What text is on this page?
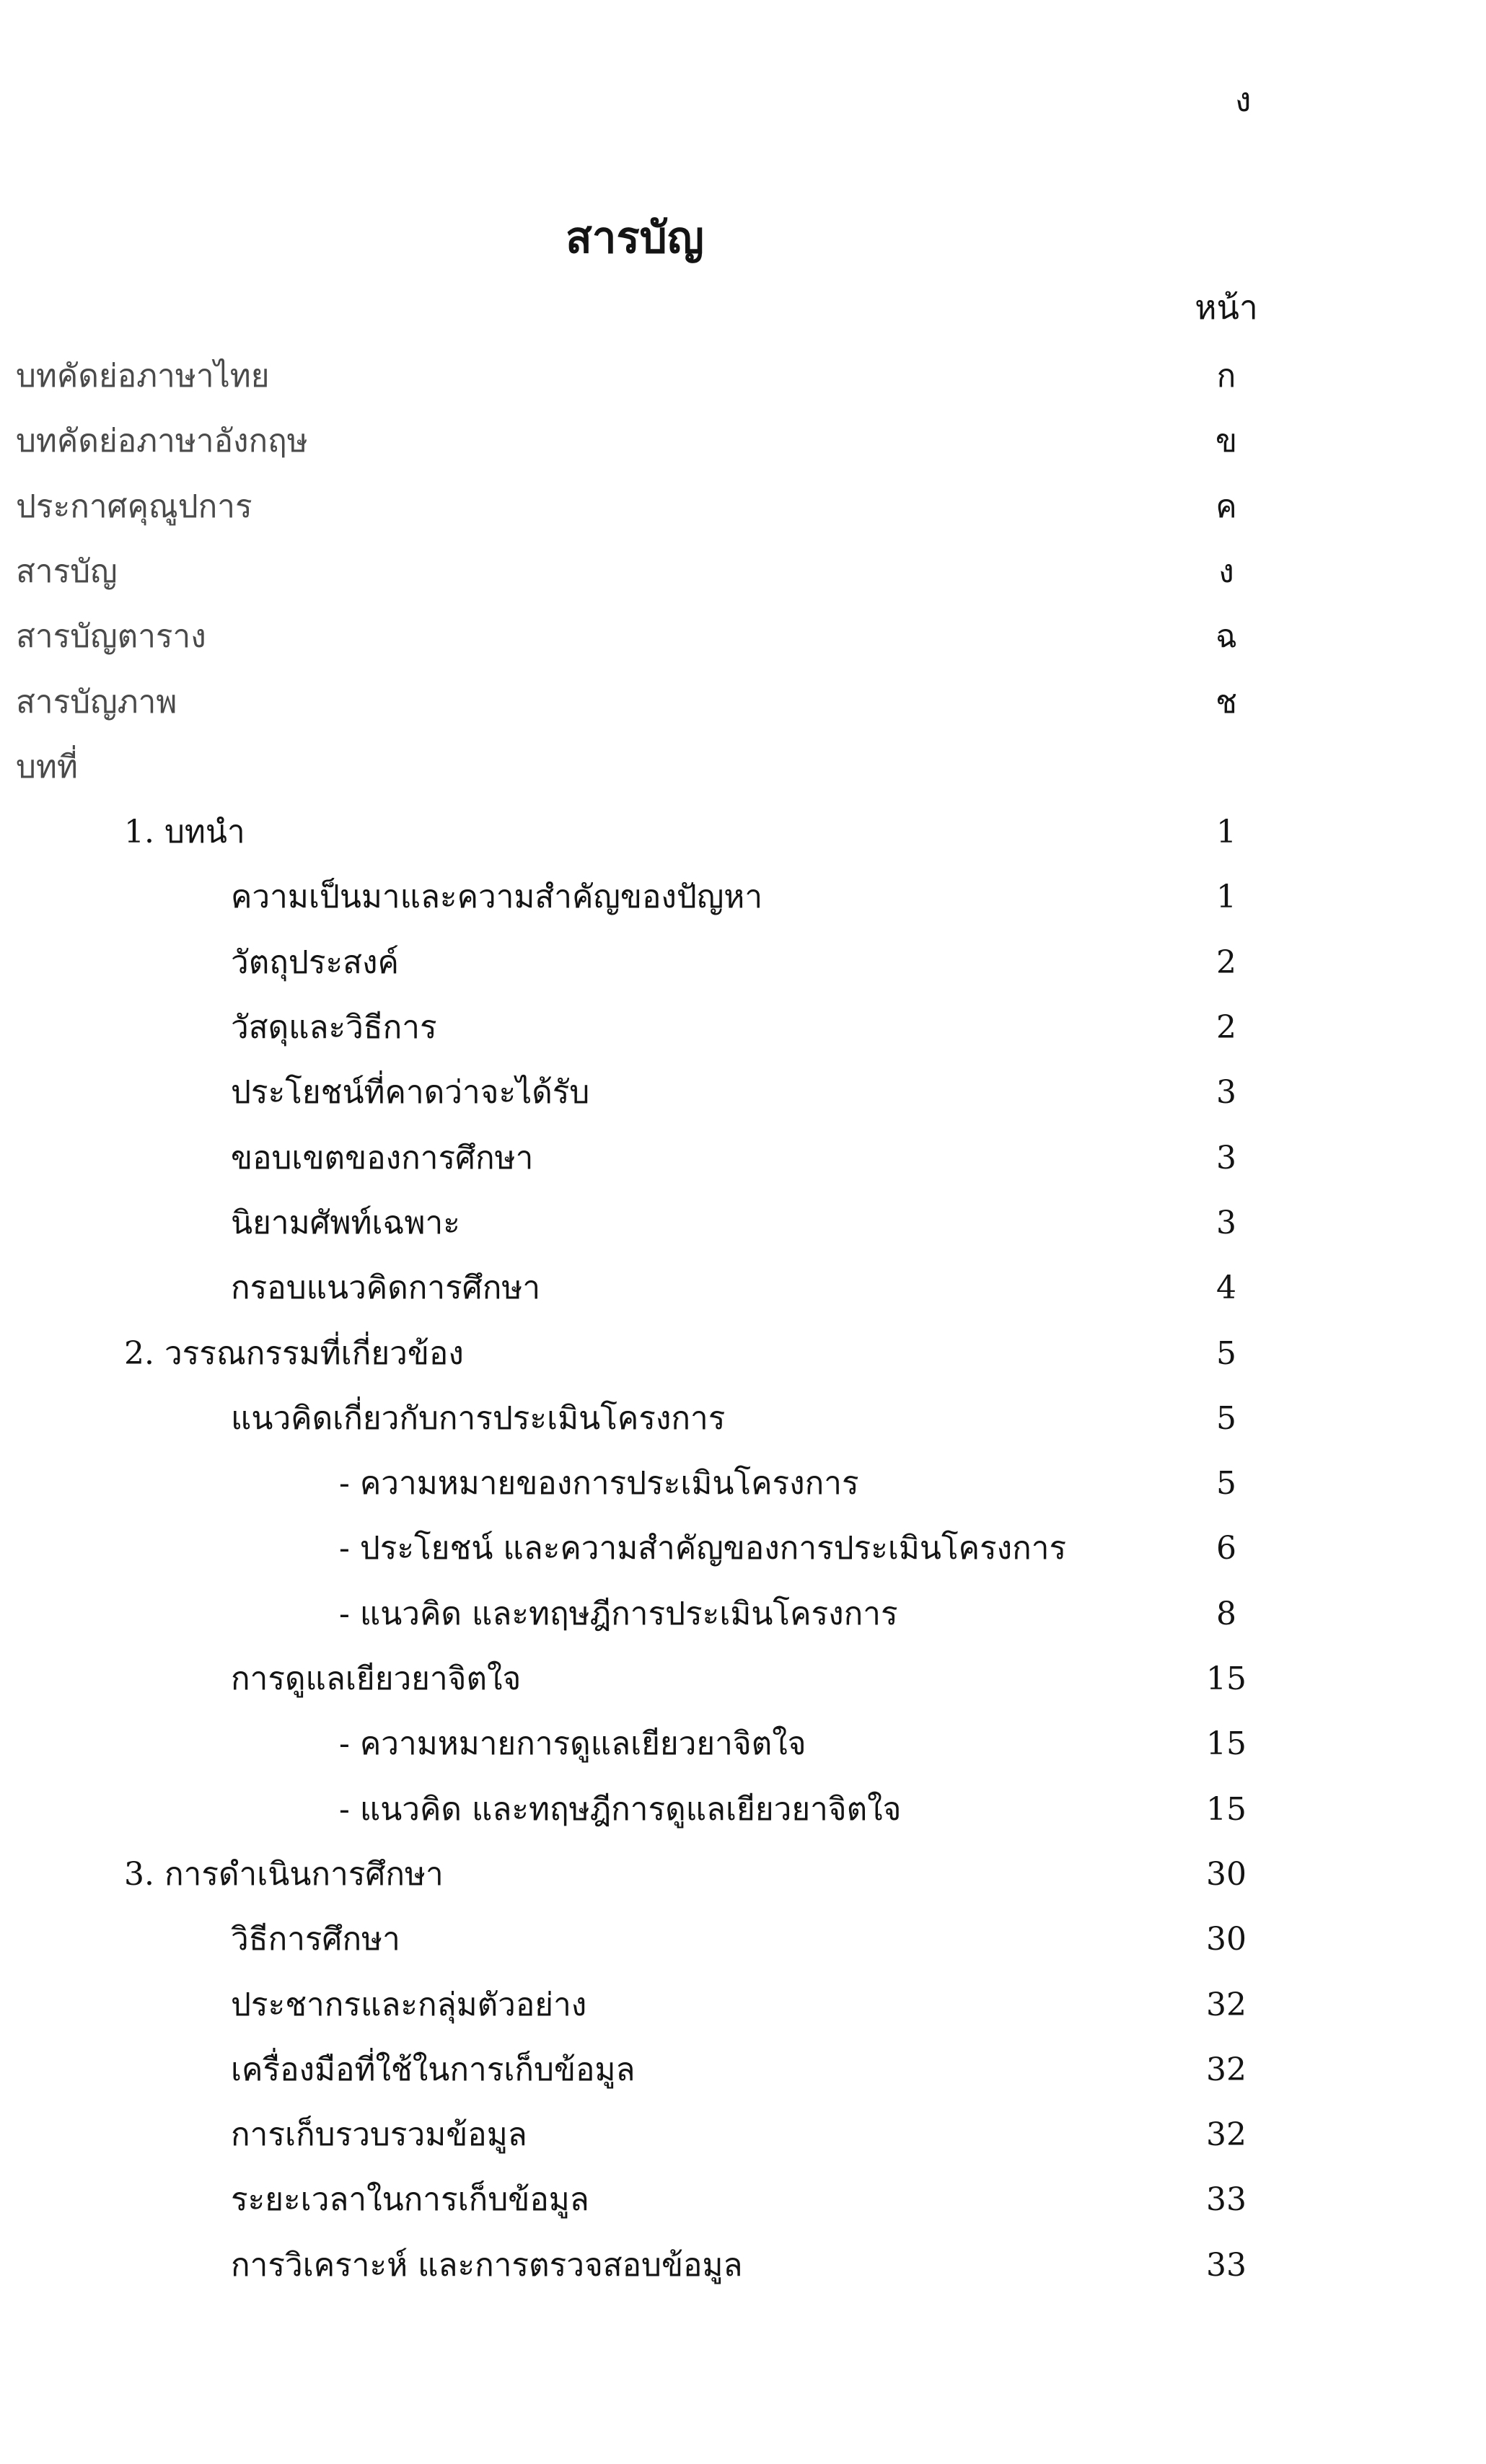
ง
สารบัญ
หน้า
บทคัดย่อภาษาไทย	ก
บทคัดย่อภาษาอังกฤษ	ข
ประกาศคุณูปการ	ค
สารบัญ	ง
สารบัญตาราง	ฉ
สารบัญภาพ	ช
บทที่
1. บทนำ	1
ความเป็นมาและความสำคัญของปัญหา	1
วัตถุประสงค์	2
วัสดุและวิธีการ	2
ประโยชน์ที่คาดว่าจะได้รับ	3
ขอบเขตของการศึกษา	3
นิยามศัพท์เฉพาะ	3
กรอบแนวคิดการศึกษา	4
2. วรรณกรรมที่เกี่ยวข้อง	5
แนวคิดเกี่ยวกับการประเมินโครงการ	5
- ความหมายของการประเมินโครงการ	5
- ประโยชน์ และความสำคัญของการประเมินโครงการ	6
- แนวคิด และทฤษฎีการประเมินโครงการ	8
การดูแลเยียวยาจิตใจ	15
- ความหมายการดูแลเยียวยาจิตใจ	15
- แนวคิด และทฤษฎีการดูแลเยียวยาจิตใจ	15
3. การดำเนินการศึกษา	30
วิธีการศึกษา	30
ประชากรและกลุ่มตัวอย่าง	32
เครื่องมือที่ใช้ในการเก็บข้อมูล	32
การเก็บรวบรวมข้อมูล	32
ระยะเวลาในการเก็บข้อมูล	33
การวิเคราะห์ และการตรวจสอบข้อมูล	33
